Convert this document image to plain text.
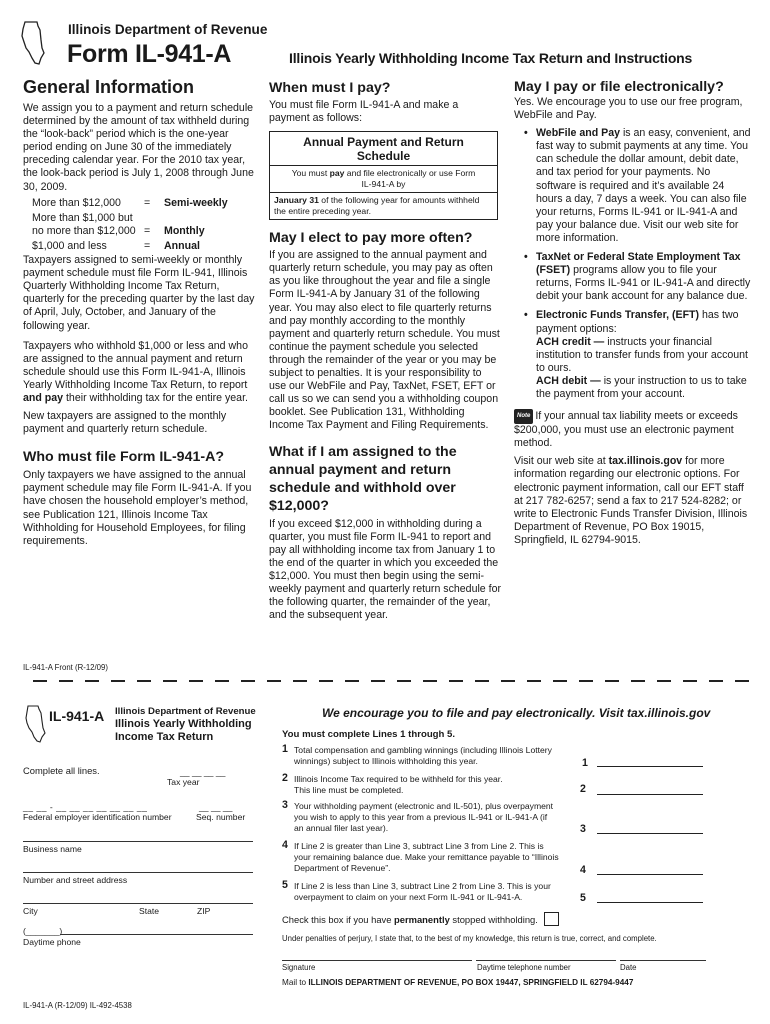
Illinois Department of Revenue
Form IL-941-A	Illinois Yearly Withholding Income Tax Return and Instructions
General Information

We assign you to a payment and return schedule determined by the amount of tax withheld during the “look-back” period which is the one-year period ending on June 30 of the immediately preceding calendar year. For the 2010 tax year, the look-back period is July 1, 2008 through June 30, 2009.

More than $12,000	=	Semi-weekly
More than $1,000 but
no more than $12,000 =	Monthly
$1,000 and less	=	Annual

Taxpayers assigned to semi-weekly or monthly payment schedule must file Form IL-941, Illinois Quarterly Withholding Income Tax Return, quarterly for the preceding quarter by the last day of April, July, October, and January of the following year.

Taxpayers who withhold $1,000 or less and who are assigned to the annual payment and return schedule should use this Form IL-941-A, Illinois Yearly Withholding Income Tax Return, to report and pay their withholding tax for the entire year.

New taxpayers are assigned to the monthly payment and quarterly return schedule.

Who must file Form IL-941-A?

Only taxpayers we have assigned to the annual payment schedule may file Form IL-941-A. If you have chosen the household employer’s method, see Publication 121, Illinois Income Tax Withholding for Household Employees, for filing requirements.

When must I pay?

You must file Form IL-941-A and make a payment as follows:

Annual Payment and Return Schedule
You must pay and file electronically or use Form IL-941-A by
January 31 of the following year for amounts withheld the entire preceding year.
May I elect to pay more often?

If you are assigned to the annual payment and quarterly return schedule, you may pay as often as you like throughout the year and file a single Form IL-941-A by January 31 of the following year. You may also elect to file quarterly returns and pay monthly according to the monthly payment and quarterly return schedule. You must continue the payment schedule you selected through the remainder of the year or you may be subject to penalties. It is your responsibility to use our WebFile and Pay, TaxNet, FSET, EFT or call us so we can send you a withholding coupon booklet. See Publication 131, Withholding Income Tax Payment and Filing Requirements.

What if I am assigned to the annual payment and return schedule and withhold over $12,000?

If you exceed $12,000 in withholding during a quarter, you must file Form IL-941 to report and pay all withholding income tax from January 1 to the end of the quarter in which you exceeded the $12,000. You must then begin using the semi-weekly payment and quarterly return schedule for the following quarter, the remainder of the year, and the subsequent year.

May I pay or file electronically?

Yes. We encourage you to use our free program, WebFile and Pay.

• WebFile and Pay is an easy, convenient, and fast way to submit payments at any time. You can schedule the dollar amount, debit date, and tax period for your payments. No software is required and it’s available 24 hours a day, 7 days a week. You can also file your returns, Forms IL-941 or IL-941-A and pay your balance due. Visit our web site for more information.
• TaxNet or Federal State Employment Tax (FSET) programs allow you to file your returns, Forms IL-941 or IL-941-A and directly debit your bank account for any balance due.
• Electronic Funds Transfer, (EFT) has two payment options:
ACH credit — instructs your financial institution to transfer funds from your account to ours.
ACH debit — is your instruction to us to take the payment from your account.

Note If your annual tax liability meets or exceeds $200,000, you must use an electronic payment method.

Visit our web site at tax.illinois.gov for more information regarding our electronic options. For electronic payment information, call our EFT staff at 217 782-6257; send a fax to 217 524-8282; or write to Electronic Funds Transfer Division, Illinois Department of Revenue, PO Box 19015, Springfield, IL 62794-9015.

IL-941-A Front (R-12/09)
IL-941-A Illinois Department of Revenue
Illinois Yearly Withholding
Income Tax Return
We encourage you to file and pay electronically. Visit tax.illinois.gov
Complete all lines.	__ __ __ __
Tax year
__ __ - __ __ __ __ __ __ __	__ __ __
Federal employer identification number	Seq. number
Business name
Number and street address
City	State	ZIP
(_______)
Daytime phone
You must complete Lines 1 through 5.
1 Total compensation and gambling winnings (including Illinois Lottery winnings) subject to Illinois withholding this year.	1
2 Illinois Income Tax required to be withheld for this year.
This line must be completed.	2
3 Your withholding payment (electronic and IL-501), plus overpayment you wish to apply to this year from a previous IL-941 or IL-941-A (if an annual filer last year).	3
4 If Line 2 is greater than Line 3, subtract Line 3 from Line 2. This is your remaining balance due. Make your remittance payable to “Illinois Department of Revenue”.	4
5 If Line 2 is less than Line 3, subtract Line 2 from Line 3. This is your overpayment to claim on your next Form IL-941 or IL-941-A.	5
Check this box if you have permanently stopped withholding.
Under penalties of perjury, I state that, to the best of my knowledge, this return is true, correct, and complete.
Signature	Daytime telephone number	Date
Mail to ILLINOIS DEPARTMENT OF REVENUE, PO BOX 19447, SPRINGFIELD IL 62794-9447
IL-941-A (R-12/09) IL-492-4538
